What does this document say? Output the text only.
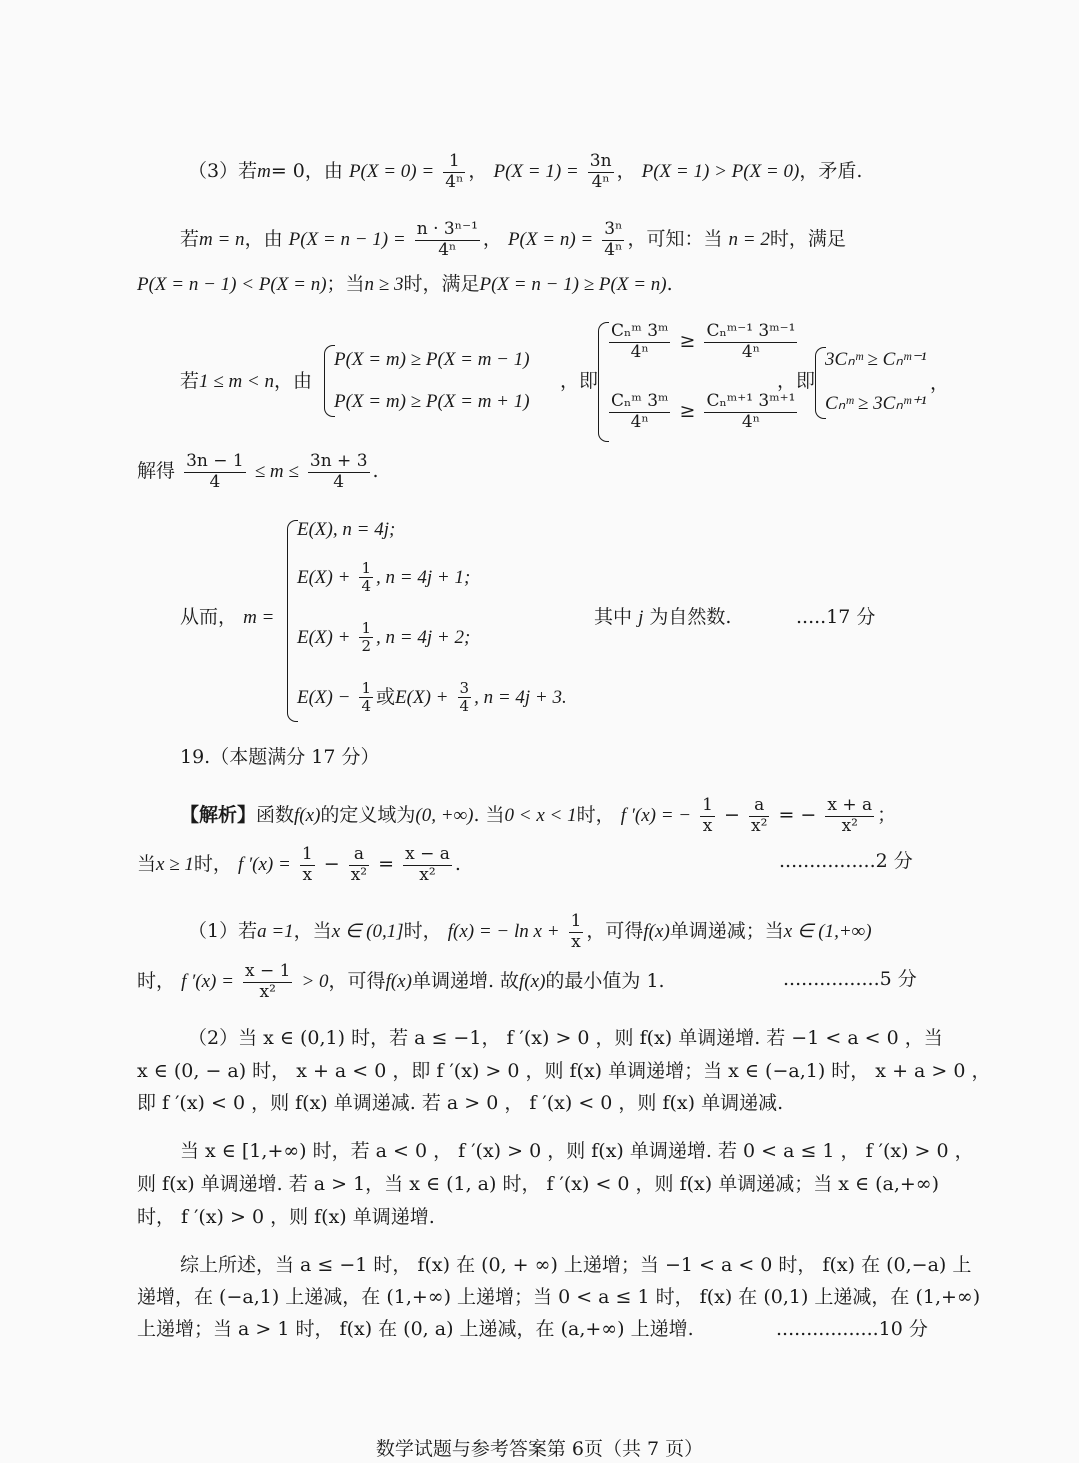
（3）若m= 0，由 $P(X = 0) = \frac{1}{\text{4ⁿ}}$ ， $P(X = 1) = \frac{3n}{\text{4ⁿ}}$ ， P(X = 1) > P(X = 0)，矛盾.
若m = n，由 $P(X = n - 1) = \frac{\text{n · 3ⁿ⁻¹}}{\text{4ⁿ}}$ ， $P(X = n) = \frac{\text{3ⁿ}}{\text{4ⁿ}}$ ，可知：当 n = 2时，满足
P(X = n − 1) < P(X = n)；当n ≥ 3时，满足P(X = n − 1) ≥ P(X = n).
若1 ≤ m < n，由
P(X = m) ≥ P(X = m − 1)
P(X = m) ≥ P(X = m + 1)
，即
$\frac{\text{Cₙᵐ 3ᵐ}}{\text{4ⁿ}} \ge \frac{\text{Cₙᵐ⁻¹ 3ᵐ⁻¹}}{\text{4ⁿ}}$
$\frac{\text{Cₙᵐ 3ᵐ}}{\text{4ⁿ}} \ge \frac{\text{Cₙᵐ⁺¹ 3ᵐ⁺¹}}{\text{4ⁿ}}$
，即
3Cₙᵐ ≥ Cₙᵐ⁻¹
Cₙᵐ ≥ 3Cₙᵐ⁺¹
，
解得 $\frac{3n - 1}{4} \le m \le \frac{3n + 3}{4}$ .
从而， m =
E(X), n = 4j;
$E(X) + \frac{1}{4}$ , n = 4j + 1;
$E(X) + \frac{1}{2}$ , n = 4j + 2;
$E(X) - \frac{1}{4}$ 或$E(X) + \frac{3}{4}$ , n = 4j + 3.
其中 j 为自然数.	.....17 分
19.（本题满分 17 分）
【解析】函数f(x)的定义域为(0, +∞). 当0 < x < 1时， f ′(x) = − $\frac{1}{x} - \frac{a}{\text{x²}}$ = − $\frac{x + a}{\text{x²}}$ ；
当x ≥ 1时， f $'(x) = \frac{1}{x} - \frac{a}{\text{x²}} = \frac{x - a}{\text{x²}}$ .	................2 分
（1）若a =1，当x ∈ (0,1]时， f(x) = − $\ln x + \frac{1}{x}$ ，可得f(x)单调递减；当x ∈ (1,+∞)
时， f $'(x) = \frac{x - 1}{\text{x²}} > 0$，可得f(x)单调递增. 故f(x)的最小值为 1.	................5 分
（2）当 x ∈ (0,1) 时，若 a ≤ −1， f ′(x) > 0 ，则 f(x) 单调递增. 若 −1 < a < 0 ，当
x ∈ (0, − a) 时， x + a < 0 ，即 f ′(x) > 0 ，则 f(x) 单调递增；当 x ∈ (−a,1) 时， x + a > 0 ，
即 f ′(x) < 0 ，则 f(x) 单调递减. 若 a > 0 ， f ′(x) < 0 ，则 f(x) 单调递减.
当 x ∈ [1,+∞) 时，若 a < 0 ， f ′(x) > 0 ，则 f(x) 单调递增. 若 0 < a ≤ 1 ， f ′(x) > 0 ，
则 f(x) 单调递增. 若 a > 1，当 x ∈ (1, a) 时， f ′(x) < 0 ，则 f(x) 单调递减；当 x ∈ (a,+∞)
时， f ′(x) > 0 ，则 f(x) 单调递增.
综上所述，当 a ≤ −1 时， f(x) 在 (0, + ∞) 上递增；当 −1 < a < 0 时， f(x) 在 (0,−a) 上
递增，在 (−a,1) 上递减，在 (1,+∞) 上递增；当 0 < a ≤ 1 时， f(x) 在 (0,1) 上递减，在 (1,+∞)
上递增；当 a > 1 时， f(x) 在 (0, a) 上递减，在 (a,+∞) 上递增.	.................10 分
数学试题与参考答案第 6页（共 7 页）
